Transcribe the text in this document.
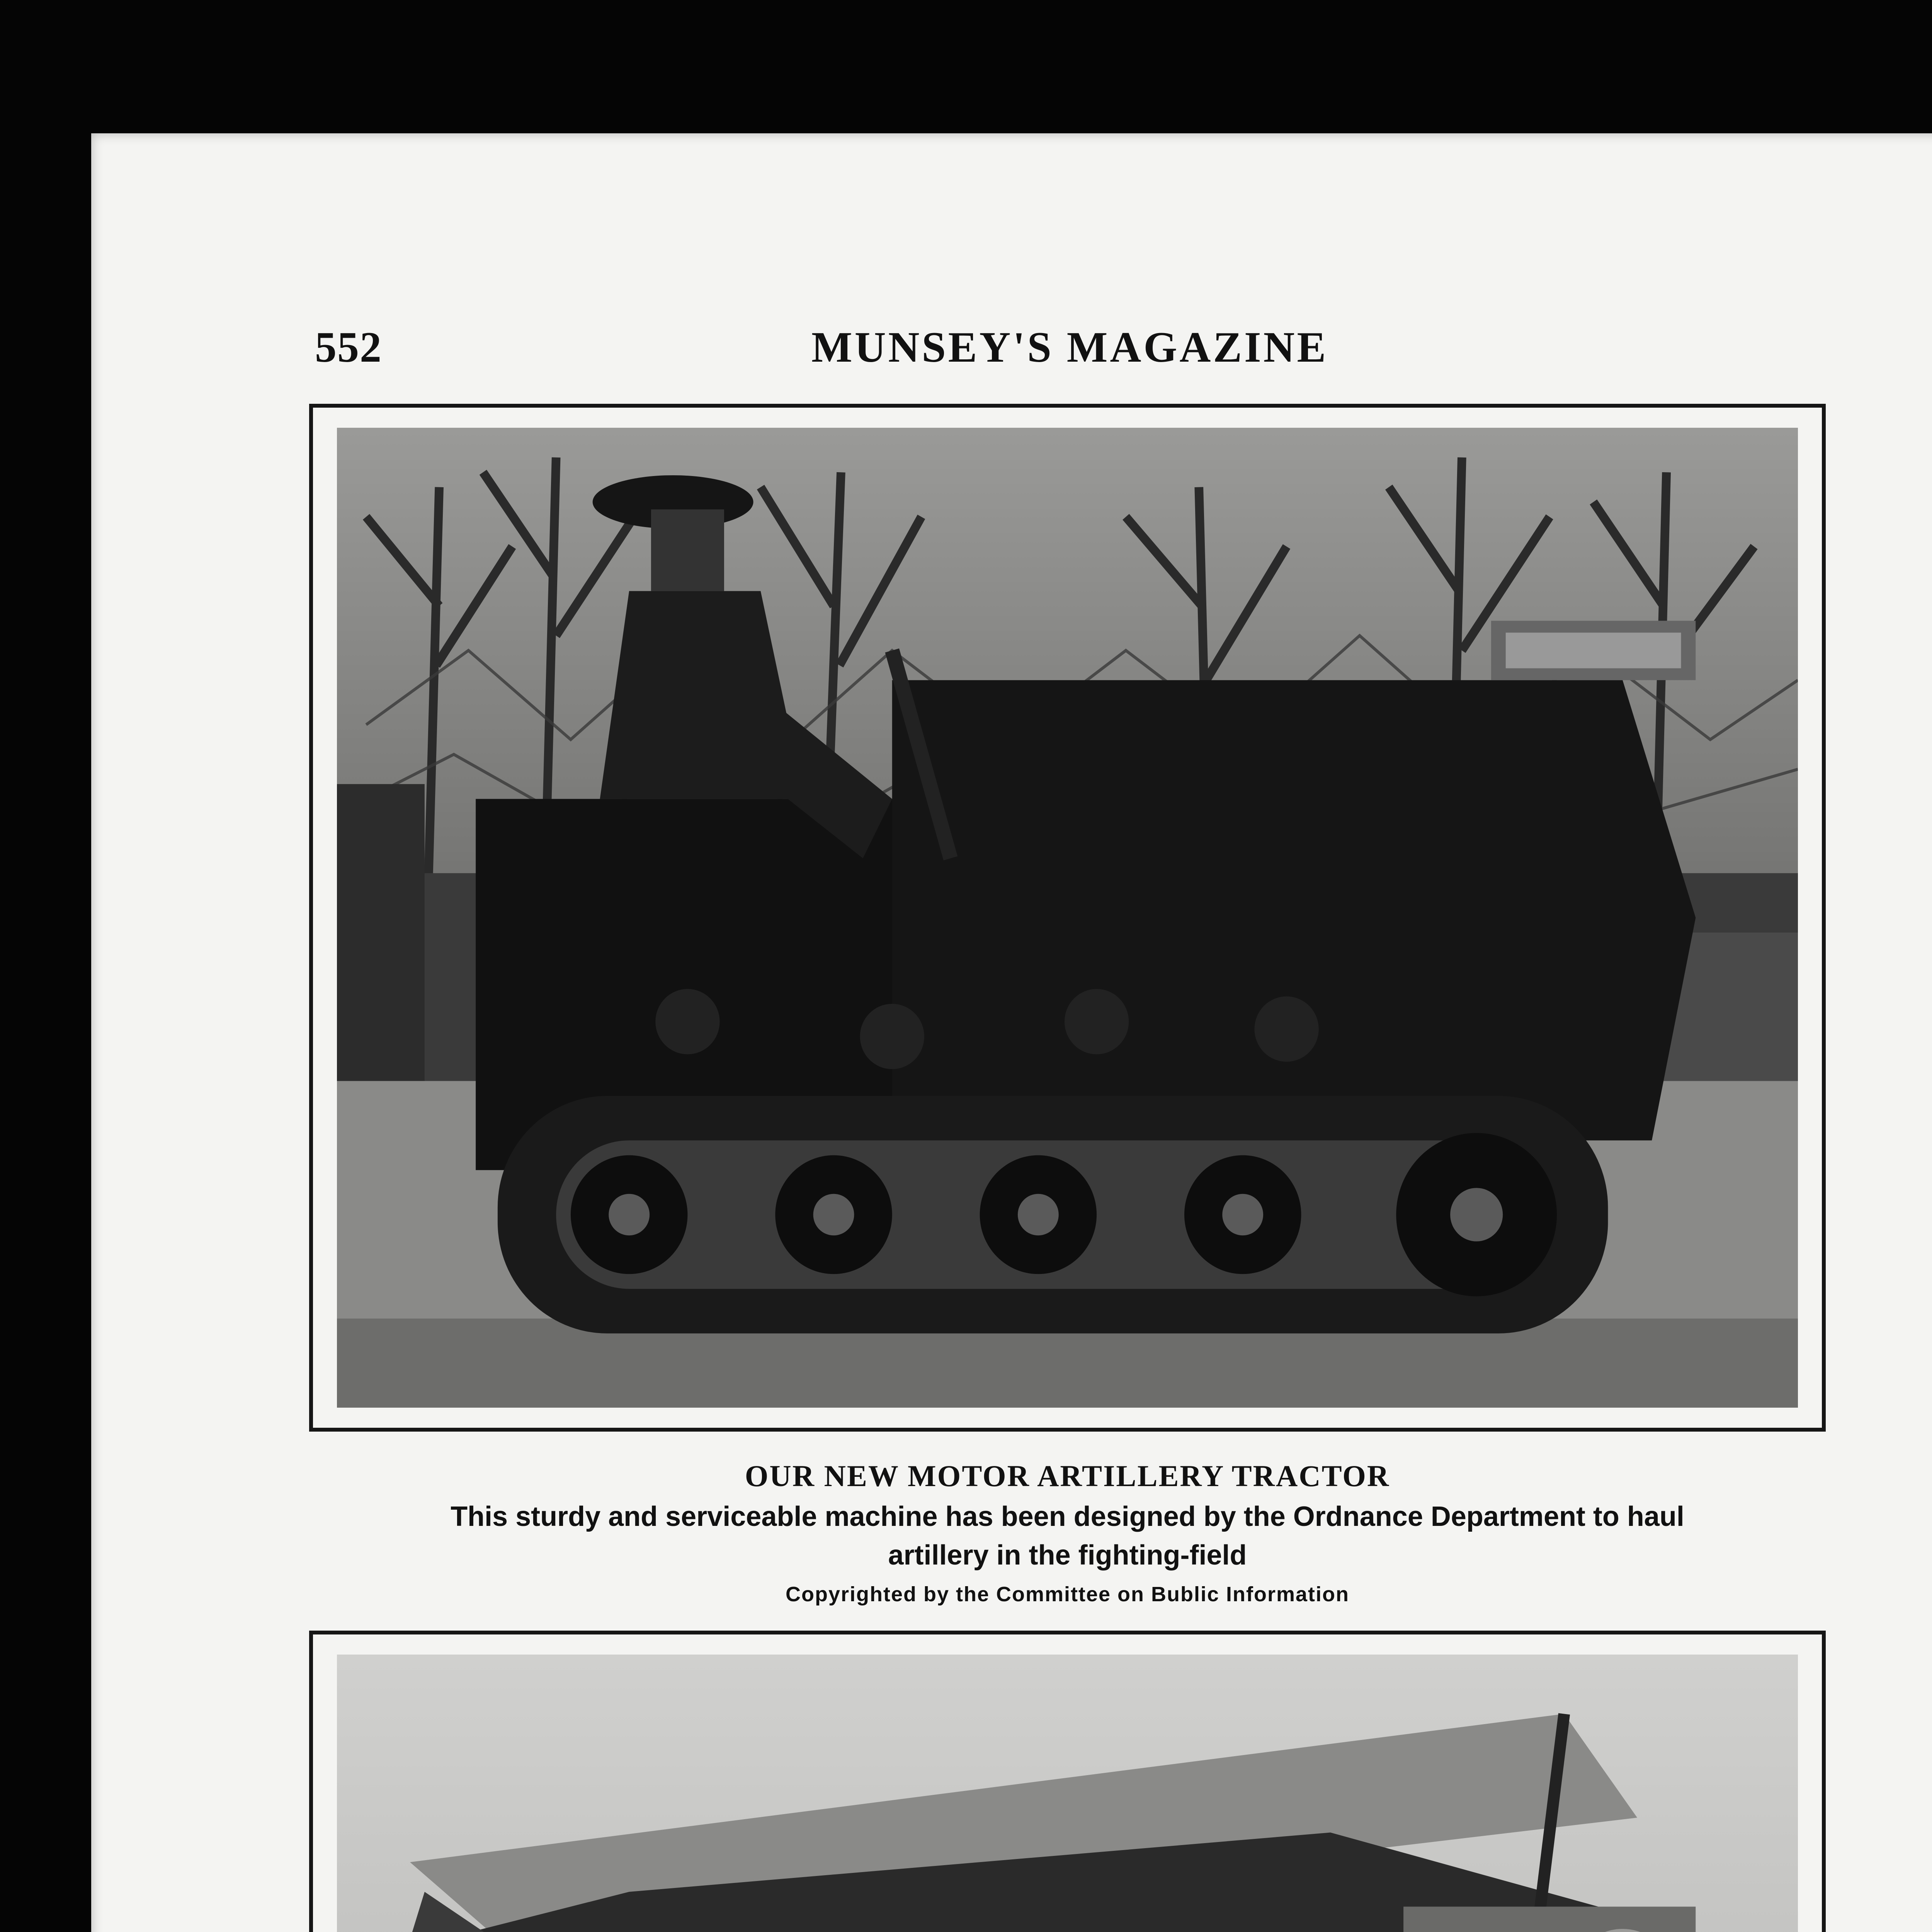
552	MUNSEY'S MAGAZINE
OUR NEW MOTOR ARTILLERY TRACTOR
This sturdy and serviceable machine has been designed by the Ordnance Department to haul
artillery in the fighting-field
Copyrighted by the Committee on Bublic Information
